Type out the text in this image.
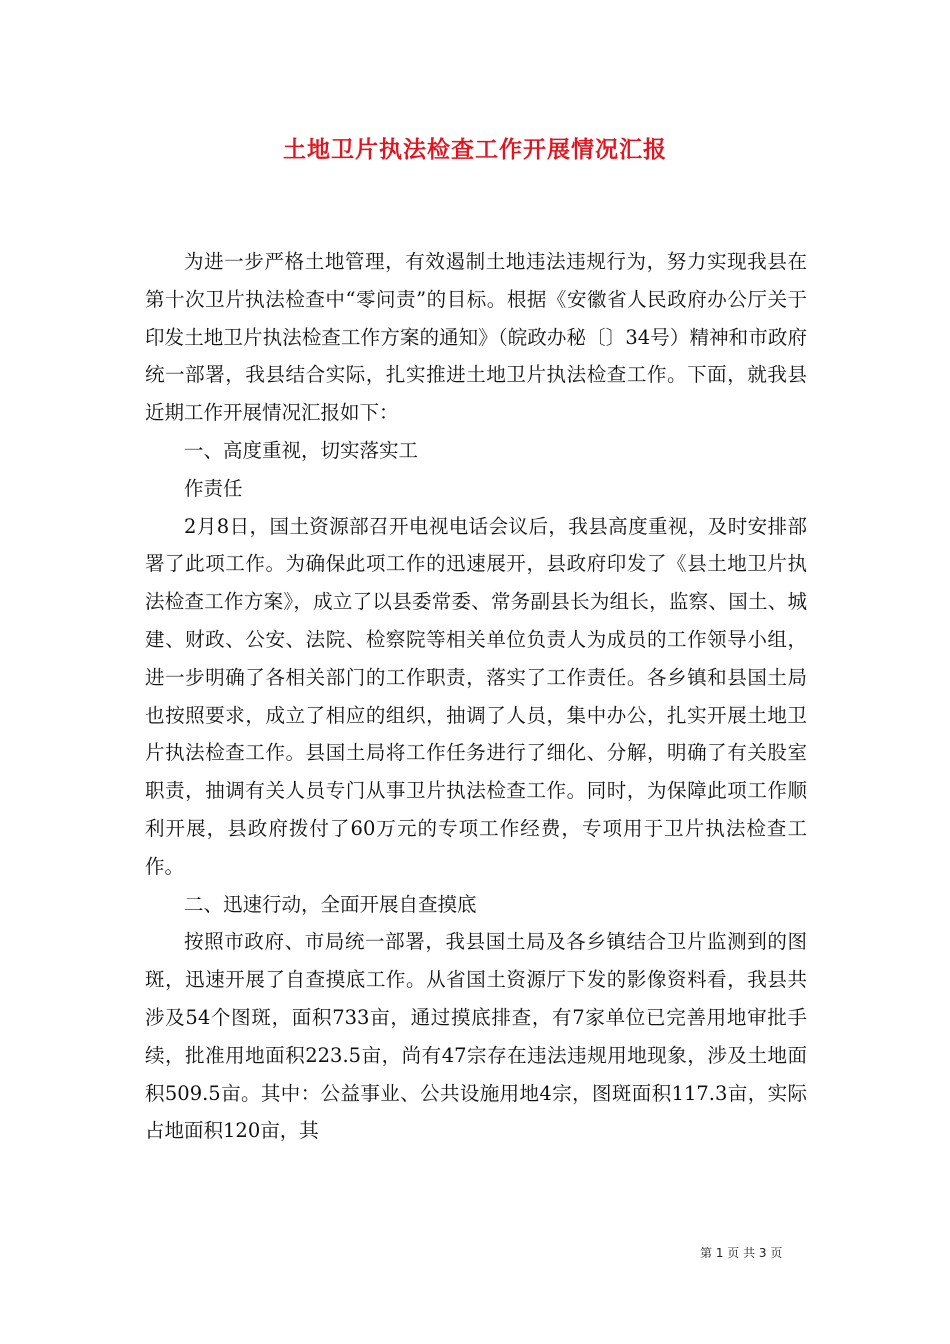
土地卫片执法检查工作开展情况汇报

为进一步严格土地管理，有效遏制土地违法违规行为，努力实现我县在第十次卫片执法检查中“零问责”的目标。根据《安徽省人民政府办公厅关于印发土地卫片执法检查工作方案的通知》（皖政办秘〔〕34号）精神和市政府统一部署，我县结合实际，扎实推进土地卫片执法检查工作。下面，就我县近期工作开展情况汇报如下：

一、高度重视，切实落实工

作责任

2月8日，国土资源部召开电视电话会议后，我县高度重视，及时安排部署了此项工作。为确保此项工作的迅速展开，县政府印发了《县土地卫片执法检查工作方案》，成立了以县委常委、常务副县长为组长，监察、国土、城建、财政、公安、法院、检察院等相关单位负责人为成员的工作领导小组，进一步明确了各相关部门的工作职责，落实了工作责任。各乡镇和县国土局也按照要求，成立了相应的组织，抽调了人员，集中办公，扎实开展土地卫片执法检查工作。县国土局将工作任务进行了细化、分解，明确了有关股室职责，抽调有关人员专门从事卫片执法检查工作。同时，为保障此项工作顺利开展，县政府拨付了60万元的专项工作经费，专项用于卫片执法检查工作。

二、迅速行动，全面开展自查摸底

按照市政府、市局统一部署，我县国土局及各乡镇结合卫片监测到的图斑，迅速开展了自查摸底工作。从省国土资源厅下发的影像资料看，我县共涉及54个图斑，面积733亩，通过摸底排查，有7家单位已完善用地审批手续，批准用地面积223.5亩，尚有47宗存在违法违规用地现象，涉及土地面积509.5亩。其中：公益事业、公共设施用地4宗，图斑面积117.3亩，实际占地面积120亩，其

第 1 页 共 3 页
